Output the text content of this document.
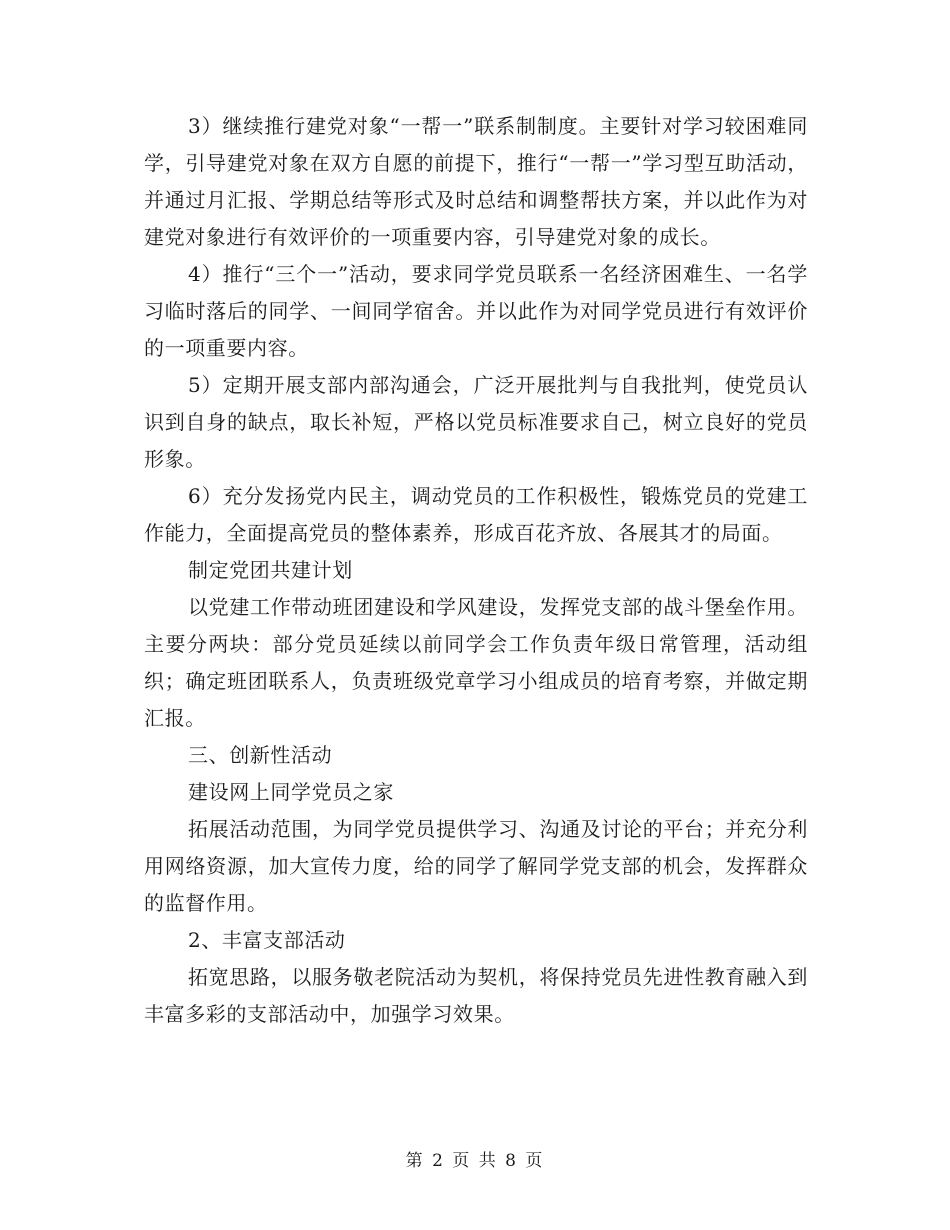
3）继续推行建党对象“一帮一”联系制制度。主要针对学习较困难同学，引导建党对象在双方自愿的前提下，推行“一帮一”学习型互助活动，并通过月汇报、学期总结等形式及时总结和调整帮扶方案，并以此作为对建党对象进行有效评价的一项重要内容，引导建党对象的成长。

4）推行“三个一”活动，要求同学党员联系一名经济困难生、一名学习临时落后的同学、一间同学宿舍。并以此作为对同学党员进行有效评价的一项重要内容。

5）定期开展支部内部沟通会，广泛开展批判与自我批判，使党员认识到自身的缺点，取长补短，严格以党员标准要求自己，树立良好的党员形象。

6）充分发扬党内民主，调动党员的工作积极性，锻炼党员的党建工作能力，全面提高党员的整体素养，形成百花齐放、各展其才的局面。

制定党团共建计划

以党建工作带动班团建设和学风建设，发挥党支部的战斗堡垒作用。主要分两块：部分党员延续以前同学会工作负责年级日常管理，活动组织；确定班团联系人，负责班级党章学习小组成员的培育考察，并做定期汇报。

三、创新性活动

建设网上同学党员之家

拓展活动范围，为同学党员提供学习、沟通及讨论的平台；并充分利用网络资源，加大宣传力度，给的同学了解同学党支部的机会，发挥群众的监督作用。

2、丰富支部活动

拓宽思路，以服务敬老院活动为契机，将保持党员先进性教育融入到丰富多彩的支部活动中，加强学习效果。

第 2 页 共 8 页
